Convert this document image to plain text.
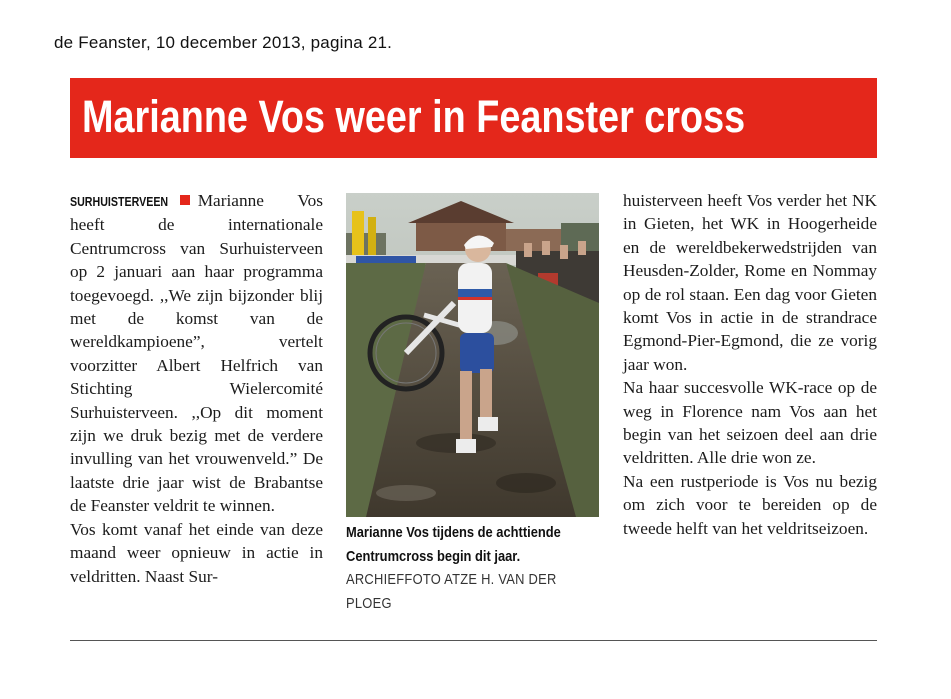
de Feanster, 10 december 2013, pagina 21.
Marianne Vos weer in Feanster cross

SURHUISTERVEEN Marianne Vos heeft de internationale Centrumcross van Surhuisterveen op 2 januari aan haar programma toegevoegd. ,,We zijn bijzonder blij met de komst van de wereldkampioene”, vertelt voorzitter Albert Helfrich van Stichting Wielercomité Surhuisterveen. ,,Op dit moment zijn we druk bezig met de verdere invulling van het vrouwenveld.” De laatste drie jaar wist de Brabantse de Feanster veldrit te winnen.

Vos komt vanaf het einde van deze maand weer opnieuw in actie in veldritten. Naast Sur-

Marianne Vos tijdens de achttiende Centrumcross begin dit jaar. ARCHIEFFOTO ATZE H. VAN DER PLOEG

huisterveen heeft Vos verder het NK in Gieten, het WK in Hoogerheide en de wereldbekerwedstrijden van Heusden-Zolder, Rome en Nommay op de rol staan. Een dag voor Gieten komt Vos in actie in de strandrace Egmond-Pier-Egmond, die ze vorig jaar won.

Na haar succesvolle WK-race op de weg in Florence nam Vos aan het begin van het seizoen deel aan drie veldritten. Alle drie won ze.

Na een rustperiode is Vos nu bezig om zich voor te bereiden op de tweede helft van het veldritseizoen.
